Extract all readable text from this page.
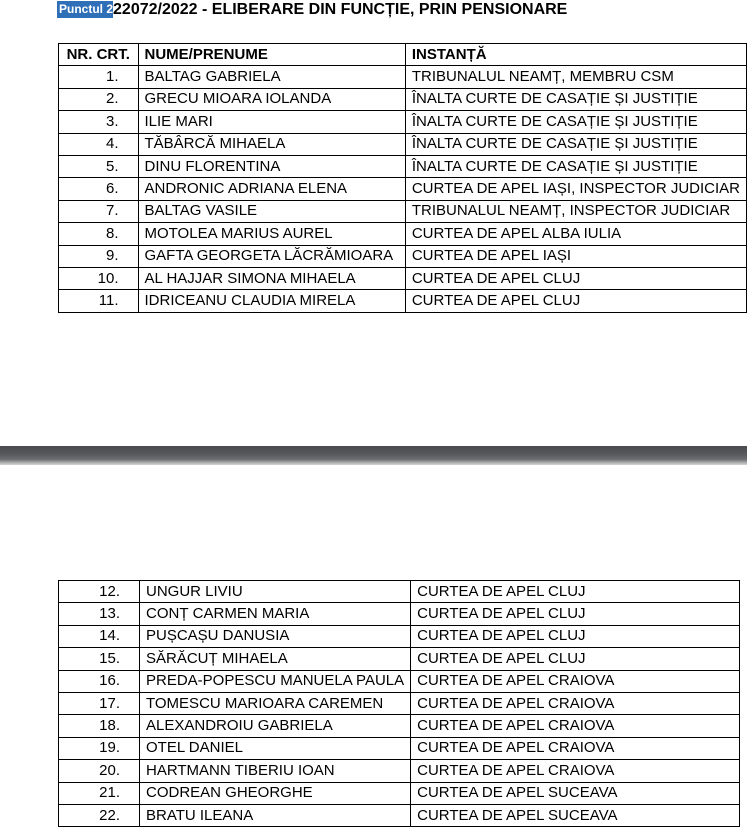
Punctul 222072/2022 - ELIBERARE DIN FUNCȚIE, PRIN PENSIONARE
NR. CRT.	NUME/PRENUME	INSTANȚĂ
1.	BALTAG GABRIELA	TRIBUNALUL NEAMȚ, MEMBRU CSM
2.	GRECU MIOARA IOLANDA	ÎNALTA CURTE DE CASAȚIE ȘI JUSTIȚIE
3.	ILIE MARI	ÎNALTA CURTE DE CASAȚIE ȘI JUSTIȚIE
4.	TĂBÂRCĂ MIHAELA	ÎNALTA CURTE DE CASAȚIE ȘI JUSTIȚIE
5.	DINU FLORENTINA	ÎNALTA CURTE DE CASAȚIE ȘI JUSTIȚIE
6.	ANDRONIC ADRIANA ELENA	CURTEA DE APEL IAȘI, INSPECTOR JUDICIAR
7.	BALTAG VASILE	TRIBUNALUL NEAMȚ, INSPECTOR JUDICIAR
8.	MOTOLEA MARIUS AUREL	CURTEA DE APEL ALBA IULIA
9.	GAFTA GEORGETA LĂCRĂMIOARA	CURTEA DE APEL IAȘI
10.	AL HAJJAR SIMONA MIHAELA	CURTEA DE APEL CLUJ
11.	IDRICEANU CLAUDIA MIRELA	CURTEA DE APEL CLUJ
12.	UNGUR LIVIU	CURTEA DE APEL CLUJ
13.	CONȚ CARMEN MARIA	CURTEA DE APEL CLUJ
14.	PUȘCAȘU DANUSIA	CURTEA DE APEL CLUJ
15.	SĂRĂCUȚ MIHAELA	CURTEA DE APEL CLUJ
16.	PREDA-POPESCU MANUELA PAULA	CURTEA DE APEL CRAIOVA
17.	TOMESCU MARIOARA CAREMEN	CURTEA DE APEL CRAIOVA
18.	ALEXANDROIU GABRIELA	CURTEA DE APEL CRAIOVA
19.	OTEL DANIEL	CURTEA DE APEL CRAIOVA
20.	HARTMANN TIBERIU IOAN	CURTEA DE APEL CRAIOVA
21.	CODREAN GHEORGHE	CURTEA DE APEL SUCEAVA
22.	BRATU ILEANA	CURTEA DE APEL SUCEAVA
